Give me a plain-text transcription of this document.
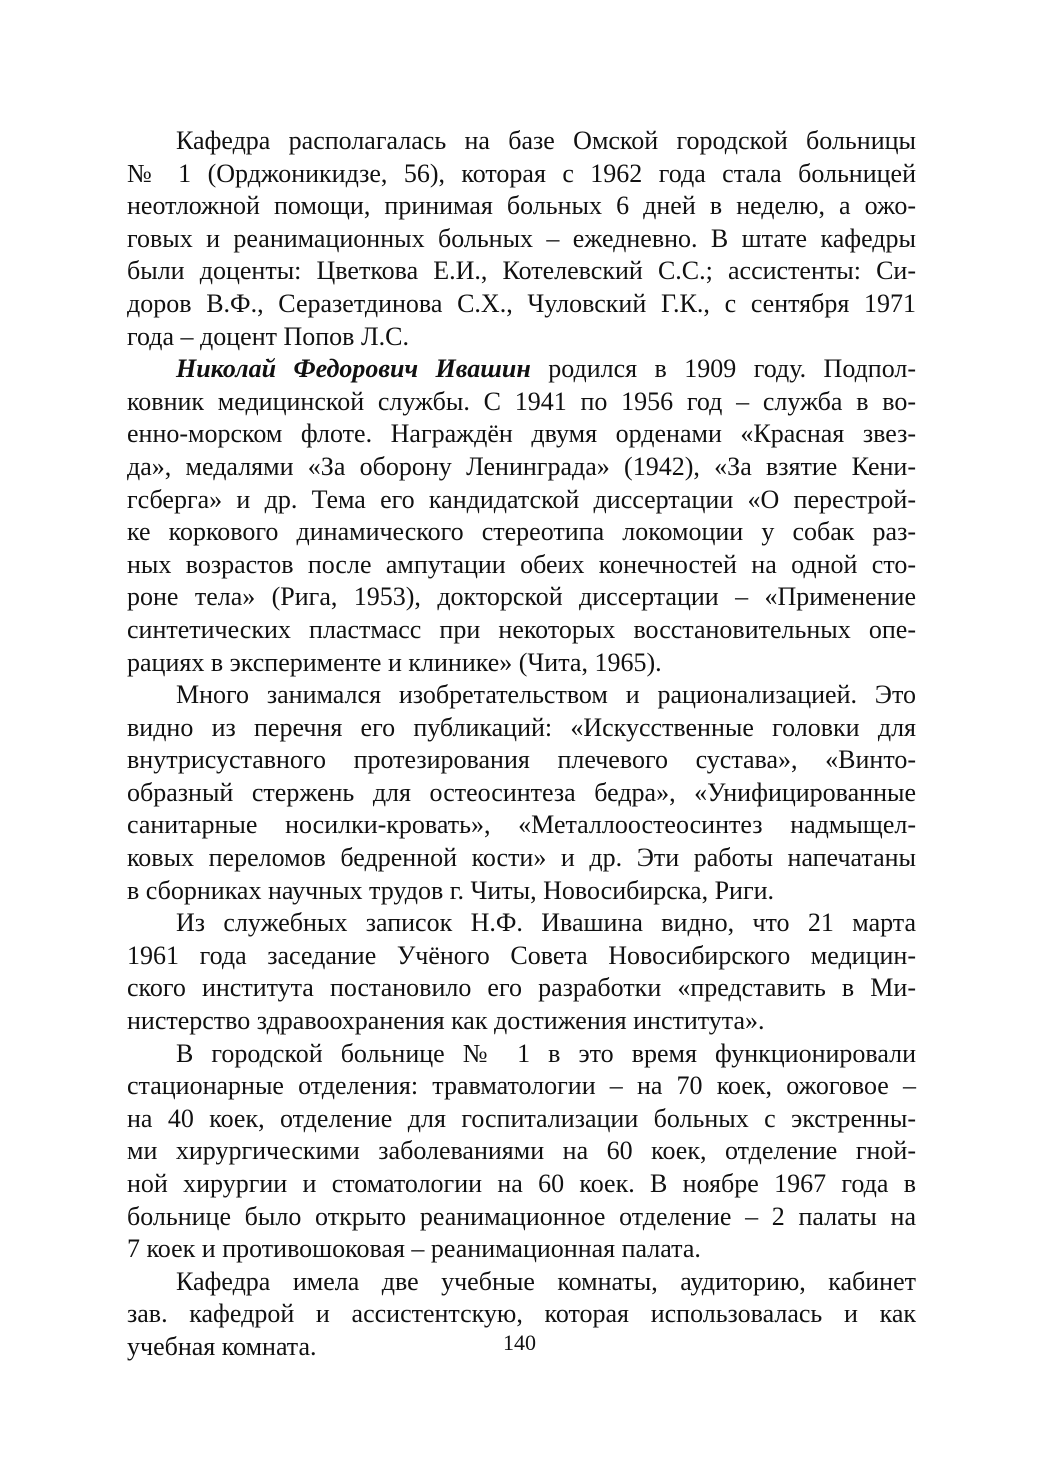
Кафедра располагалась на базе Омской городской больницы
№ 1 (Орджоникидзе, 56), которая с 1962 года стала больницей
неотложной помощи, принимая больных 6 дней в неделю, а ожо-
говых и реанимационных больных – ежедневно. В штате кафедры
были доценты: Цветкова Е.И., Котелевский С.С.; ассистенты: Си-
доров В.Ф., Серазетдинова С.Х., Чуловский Г.К., с сентября 1971
года – доцент Попов Л.С.
Николай Федорович Ивашин родился в 1909 году. Подпол-
ковник медицинской службы. С 1941 по 1956 год – служба в во-
енно-морском флоте. Награждён двумя орденами «Красная звез-
да», медалями «За оборону Ленинграда» (1942), «За взятие Кени-
гсберга» и др. Тема его кандидатской диссертации «О перестрой-
ке коркового динамического стереотипа локомоции у собак раз-
ных возрастов после ампутации обеих конечностей на одной сто-
роне тела» (Рига, 1953), докторской диссертации – «Применение
синтетических пластмасс при некоторых восстановительных опе-
рациях в эксперименте и клинике» (Чита, 1965).
Много занимался изобретательством и рационализацией. Это
видно из перечня его публикаций: «Искусственные головки для
внутрисуставного протезирования плечевого сустава», «Винто-
образный стержень для остеосинтеза бедра», «Унифицированные
санитарные носилки-кровать», «Металлоостеосинтез надмыщел-
ковых переломов бедренной кости» и др. Эти работы напечатаны
в сборниках научных трудов г. Читы, Новосибирска, Риги.
Из служебных записок Н.Ф. Ивашина видно, что 21 марта
1961 года заседание Учёного Совета Новосибирского медицин-
ского института постановило его разработки «представить в Ми-
нистерство здравоохранения как достижения института».
В городской больнице № 1 в это время функционировали
стационарные отделения: травматологии – на 70 коек, ожоговое –
на 40 коек, отделение для госпитализации больных с экстренны-
ми хирургическими заболеваниями на 60 коек, отделение гной-
ной хирургии и стоматологии на 60 коек. В ноябре 1967 года в
больнице было открыто реанимационное отделение – 2 палаты на
7 коек и противошоковая – реанимационная палата.
Кафедра имела две учебные комнаты, аудиторию, кабинет
зав. кафедрой и ассистентскую, которая использовалась и как
учебная комната.	140
